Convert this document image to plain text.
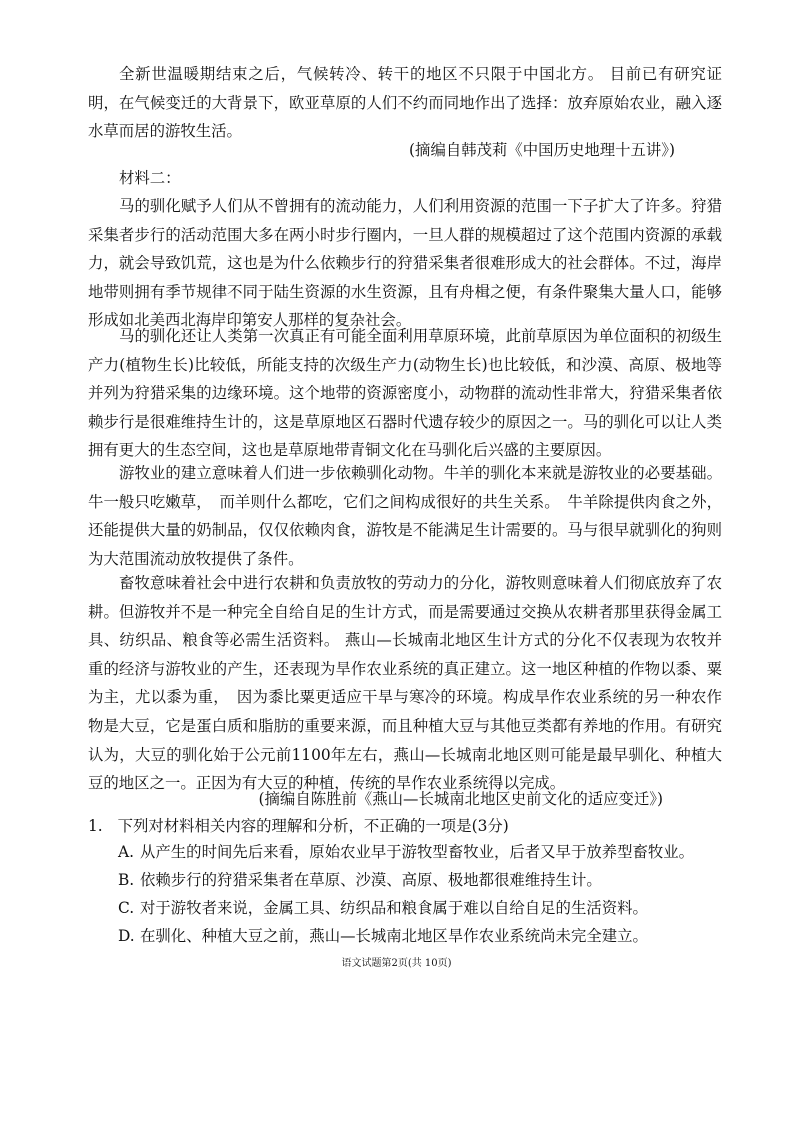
全新世温暖期结束之后，气候转冷、转干的地区不只限于中国北方。 目前已有研究证明，在气候变迁的大背景下，欧亚草原的人们不约而同地作出了选择：放弃原始农业，融入逐水草而居的游牧生活。

(摘编自韩茂莉《中国历史地理十五讲》)

材料二：

马的驯化赋予人们从不曾拥有的流动能力，人们利用资源的范围一下子扩大了许多。狩猎采集者步行的活动范围大多在两小时步行圈内，一旦人群的规模超过了这个范围内资源的承载力，就会导致饥荒，这也是为什么依赖步行的狩猎采集者很难形成大的社会群体。不过，海岸地带则拥有季节规律不同于陆生资源的水生资源，且有舟楫之便，有条件聚集大量人口，能够形成如北美西北海岸印第安人那样的复杂社会。

马的驯化还让人类第一次真正有可能全面利用草原环境，此前草原因为单位面积的初级生产力(植物生长)比较低，所能支持的次级生产力(动物生长)也比较低，和沙漠、高原、极地等并列为狩猎采集的边缘环境。这个地带的资源密度小，动物群的流动性非常大，狩猎采集者依赖步行是很难维持生计的，这是草原地区石器时代遗存较少的原因之一。马的驯化可以让人类拥有更大的生态空间，这也是草原地带青铜文化在马驯化后兴盛的主要原因。

游牧业的建立意味着人们进一步依赖驯化动物。牛羊的驯化本来就是游牧业的必要基础。牛一般只吃嫩草，　而羊则什么都吃，它们之间构成很好的共生关系。　牛羊除提供肉食之外，还能提供大量的奶制品，仅仅依赖肉食，游牧是不能满足生计需要的。马与很早就驯化的狗则为大范围流动放牧提供了条件。

畜牧意味着社会中进行农耕和负责放牧的劳动力的分化，游牧则意味着人们彻底放弃了农耕。但游牧并不是一种完全自给自足的生计方式，而是需要通过交换从农耕者那里获得金属工具、纺织品、粮食等必需生活资料。 燕山—长城南北地区生计方式的分化不仅表现为农牧并重的经济与游牧业的产生，还表现为旱作农业系统的真正建立。这一地区种植的作物以黍、粟为主，尤以黍为重，　因为黍比粟更适应干旱与寒冷的环境。构成旱作农业系统的另一种农作物是大豆，它是蛋白质和脂肪的重要来源，而且种植大豆与其他豆类都有养地的作用。有研究认为，大豆的驯化始于公元前1100年左右，燕山—长城南北地区则可能是最早驯化、种植大豆的地区之一。正因为有大豆的种植，传统的旱作农业系统得以完成。

(摘编自陈胜前《燕山—长城南北地区史前文化的适应变迁》)

1. 下列对材料相关内容的理解和分析，不正确的一项是(3分)

A. 从产生的时间先后来看，原始农业早于游牧型畜牧业，后者又早于放养型畜牧业。

B. 依赖步行的狩猎采集者在草原、沙漠、高原、极地都很难维持生计。

C. 对于游牧者来说，金属工具、纺织品和粮食属于难以自给自足的生活资料。

D. 在驯化、种植大豆之前，燕山—长城南北地区旱作农业系统尚未完全建立。

语文试题第2页(共 10页)
